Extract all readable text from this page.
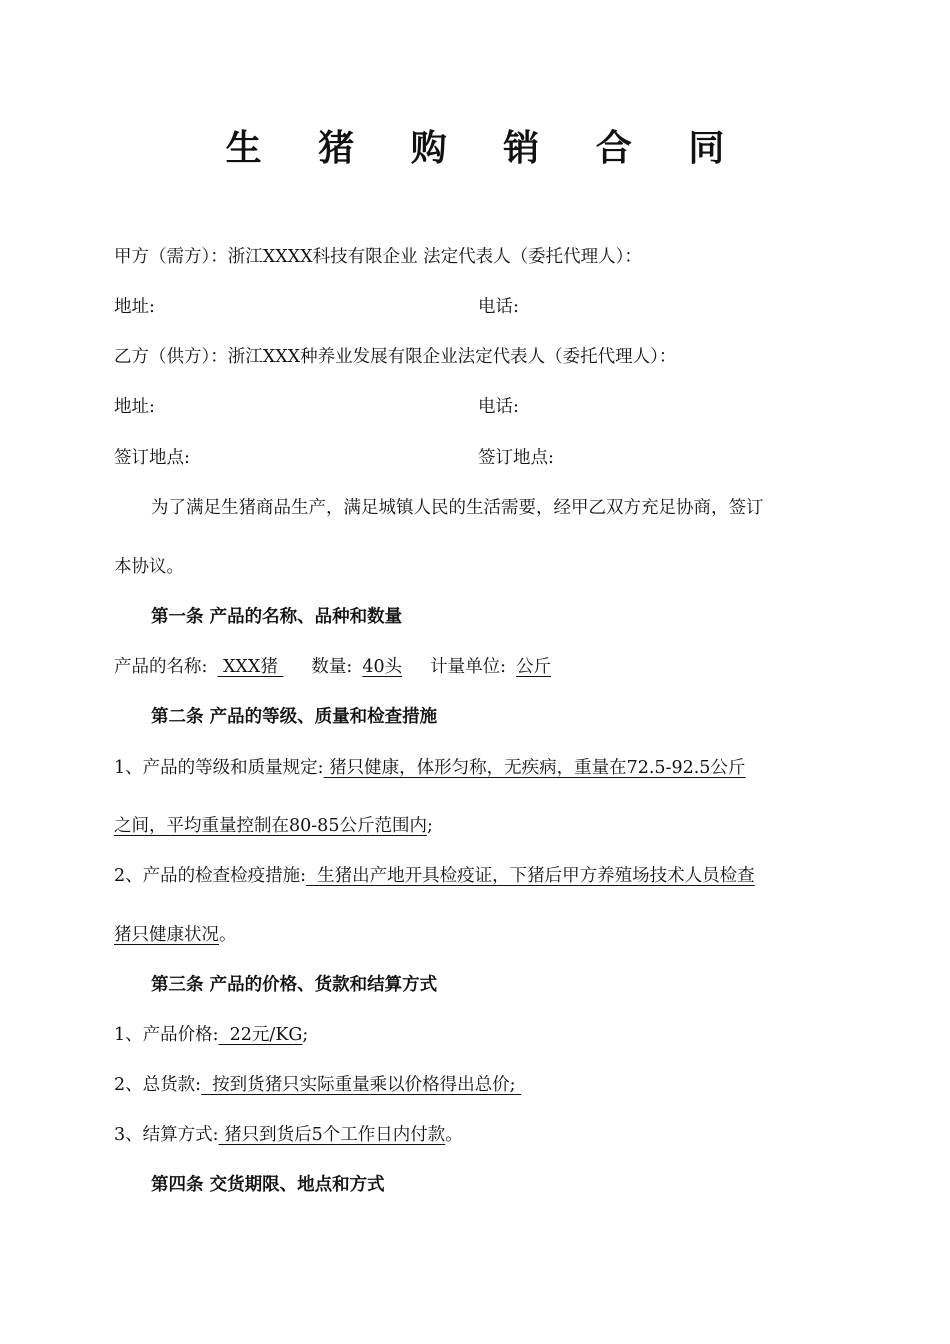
生 猪 购 销 合 同
甲方（需方）：浙江XXXX科技有限企业 法定代表人（委托代理人）：
地址:	电话:
乙方（供方）：浙江XXX种养业发展有限企业法定代表人（委托代理人）：
地址:	电话:
签订地点:	签订地点:
为了满足生猪商品生产，满足城镇人民的生活需要，经甲乙双方充足协商，签订
本协议。
第一条 产品的名称、品种和数量
产品的名称: XXX猪 数量: 40头 计量单位: 公斤
第二条 产品的等级、质量和检查措施
1、产品的等级和质量规定: 猪只健康，体形匀称，无疾病，重量在72.5-92.5公斤
之间，平均重量控制在80-85公斤范围内;
2、产品的检查检疫措施:  生猪出产地开具检疫证，下猪后甲方养殖场技术人员检查
猪只健康状况。
第三条 产品的价格、货款和结算方式
1、产品价格:  22元/KG;
2、总货款:  按到货猪只实际重量乘以价格得出总价;
3、结算方式: 猪只到货后5个工作日内付款。
第四条 交货期限、地点和方式
